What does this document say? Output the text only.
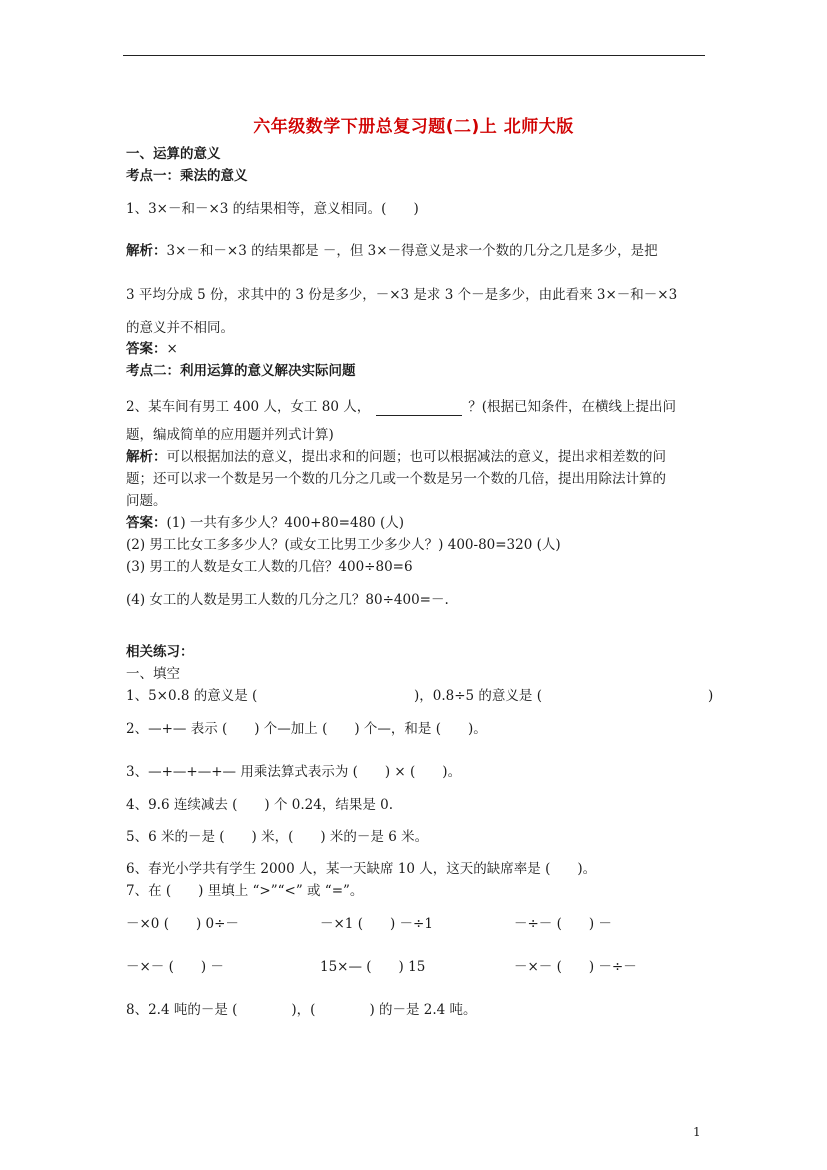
六年级数学下册总复习题(二)上 北师大版
一、运算的意义
考点一：乘法的意义
1、3×－和－×3 的结果相等，意义相同。(　　)
解析：3×－和－×3 的结果都是 －，但 3×－得意义是求一个数的几分之几是多少，是把
3 平均分成 5 份，求其中的 3 份是多少，－×3 是求 3 个－是多少，由此看来 3×－和－×3
的意义并不相同。
答案：×
考点二：利用运算的意义解决实际问题
2、某车间有男工 400 人，女工 80 人，	？(根据已知条件，在横线上提出问
题，编成简单的应用题并列式计算)
解析：可以根据加法的意义，提出求和的问题；也可以根据减法的意义，提出求相差数的问
题；还可以求一个数是另一个数的几分之几或一个数是另一个数的几倍，提出用除法计算的
问题。
答案：(1) 一共有多少人？400+80=480 (人)
(2) 男工比女工多多少人？(或女工比男工少多少人？) 400-80=320 (人)
(3) 男工的人数是女工人数的几倍？400÷80=6
(4) 女工的人数是男工人数的几分之几？80÷400=－.
相关练习：
一、填空
1、5×0.8 的意义是 (	)，0.8÷5 的意义是 (	)
2、—+— 表示 (　　) 个—加上 (　　) 个—，和是 (　　)。
3、—+—+—+— 用乘法算式表示为 (　　) × (　　)。
4、9.6 连续减去 (　　) 个 0.24，结果是 0.
5、6 米的－是 (　　) 米，(　　) 米的－是 6 米。
6、春光小学共有学生 2000 人，某一天缺席 10 人，这天的缺席率是 (　　)。
7、在 (　　) 里填上 “>”“<” 或 “=”。
－×0 (　　) 0÷－	－×1 (　　) －÷1	－÷－ (　　) －
－×－ (　　) －	15×— (　　) 15	－×－ (　　) －÷－
8、2.4 吨的－是 (　　　　)，(　　　　) 的－是 2.4 吨。
1
